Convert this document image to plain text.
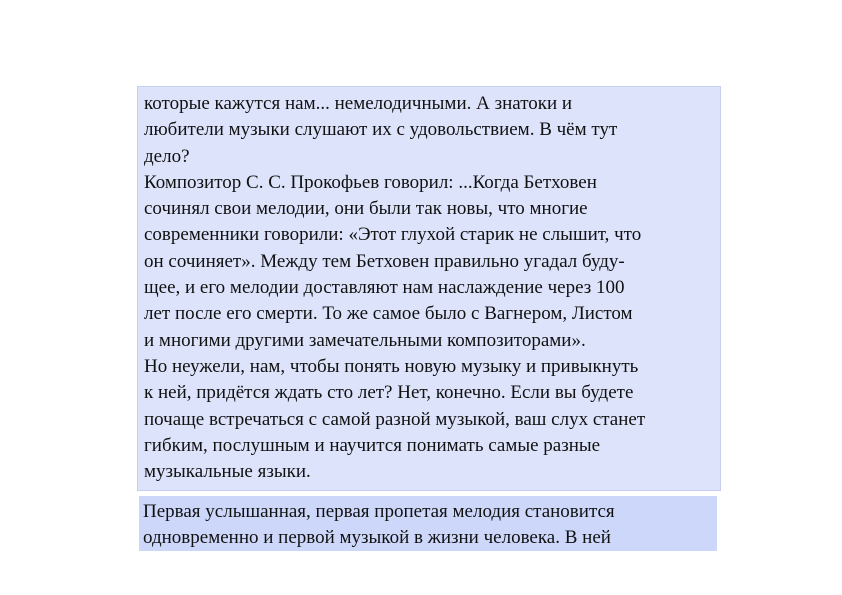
которые кажутся нам... немелодичными. А знатоки и
любители музыки слушают их с удовольствием. В чём тут
дело?
Композитор С. С. Прокофьев говорил: ...Когда Бетховен
сочинял свои мелодии, они были так новы, что многие
современники говорили: «Этот глухой старик не слышит, что
он сочиняет». Между тем Бетховен правильно угадал буду-
щее, и его мелодии доставляют нам наслаждение через 100
лет после его смерти. То же самое было с Вагнером, Листом
и многими другими замечательными композиторами».
Но неужели, нам, чтобы понять новую музыку и привыкнуть
к ней, придётся ждать сто лет? Нет, конечно. Если вы будете
почаще встречаться с самой разной музыкой, ваш слух станет
гибким, послушным и научится понимать самые разные
музыкальные языки.
Первая услышанная, первая пропетая мелодия становится
одновременно и первой музыкой в жизни человека. В ней
